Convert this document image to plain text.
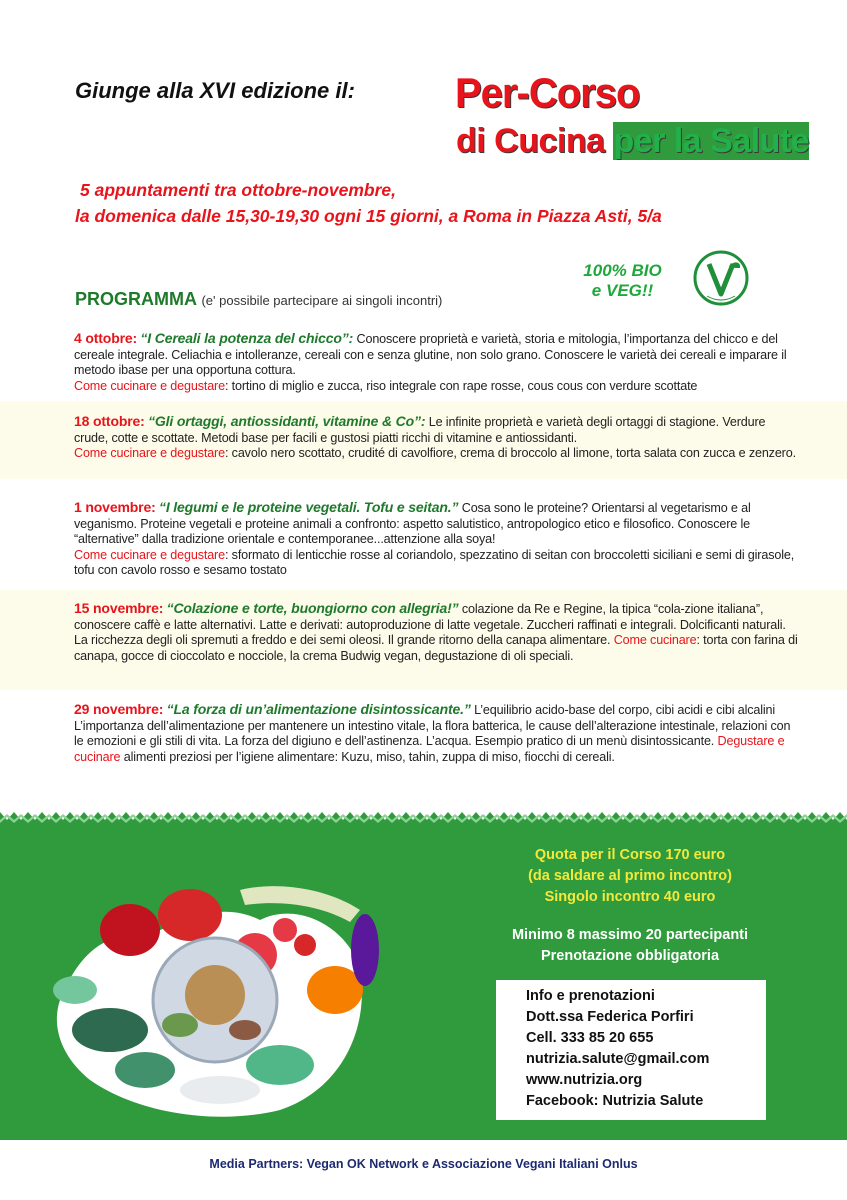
Giunge alla XVI edizione il:	Per-Corso
di Cucina per la Salute
5 appuntamenti tra ottobre-novembre,
la domenica dalle 15,30-19,30 ogni 15 giorni, a Roma in Piazza Asti, 5/a
100% BIO
e VEG!!
PROGRAMMA (e' possibile partecipare ai singoli incontri)
4 ottobre: “I Cereali la potenza del chicco”: Conoscere proprietà e varietà, storia e mitologia, l’importanza del chicco e del cereale integrale. Celiachia e intolleranze, cereali con e senza glutine, non solo grano. Conoscere le varietà dei cereali e imparare il metodo ibase per una opportuna cottura.
Come cucinare e degustare: tortino di miglio e zucca, riso integrale con rape rosse, cous cous con verdure scottate
18 ottobre: “Gli ortaggi, antiossidanti, vitamine & Co”: Le infinite proprietà e varietà degli ortaggi di stagione. Verdure crude, cotte e scottate. Metodi base per facili e gustosi piatti ricchi di vitamine e antiossidanti.
Come cucinare e degustare: cavolo nero scottato, crudité di cavolfiore, crema di broccolo al limone, torta salata con zucca e zenzero.
1 novembre: “I legumi e le proteine vegetali. Tofu e seitan.” Cosa sono le proteine? Orientarsi al vegetarismo e al veganismo. Proteine vegetali e proteine animali a confronto: aspetto salutistico, antropologico etico e filosofico. Conoscere le “alternative” dalla tradizione orientale e contemporanee...attenzione alla soya!
Come cucinare e degustare: sformato di lenticchie rosse al coriandolo, spezzatino di seitan con broccoletti siciliani e semi di girasole, tofu con cavolo rosso e sesamo tostato
15 novembre: “Colazione e torte, buongiorno con allegria!” colazione da Re e Regine, la tipica “cola-zione italiana”, conoscere caffè e latte alternativi. Latte e derivati: autoproduzione di latte vegetale. Zuccheri raffinati e integrali. Dolcificanti naturali. La ricchezza degli oli spremuti a freddo e dei semi oleosi. Il grande ritorno della canapa alimentare. Come cucinare: torta con farina di canapa, gocce di cioccolato e nocciole, la crema Budwig vegan, degustazione di oli speciali.
29 novembre: “La forza di un’alimentazione disintossicante.” L’equilibrio acido-base del corpo, cibi acidi e cibi alcalini L’importanza dell’alimentazione per mantenere un intestino vitale, la flora batterica, le cause dell’alterazione intestinale, relazioni con le emozioni e gli stili di vita. La forza del digiuno e dell’astinenza. L’acqua. Esempio pratico di un menù disintossicante. Degustare e cucinare alimenti preziosi per l’igiene alimentare: Kuzu, miso, tahin, zuppa di miso, fiocchi di cereali.
Quota per il Corso 170 euro
(da saldare al primo incontro)
Singolo incontro 40 euro
Minimo 8 massimo 20 partecipanti
Prenotazione obbligatoria
Info e prenotazioni
Dott.ssa Federica Porfiri
Cell. 333 85 20 655
nutrizia.salute@gmail.com
www.nutrizia.org
Facebook: Nutrizia Salute
Media Partners: Vegan OK Network e Associazione Vegani Italiani Onlus
